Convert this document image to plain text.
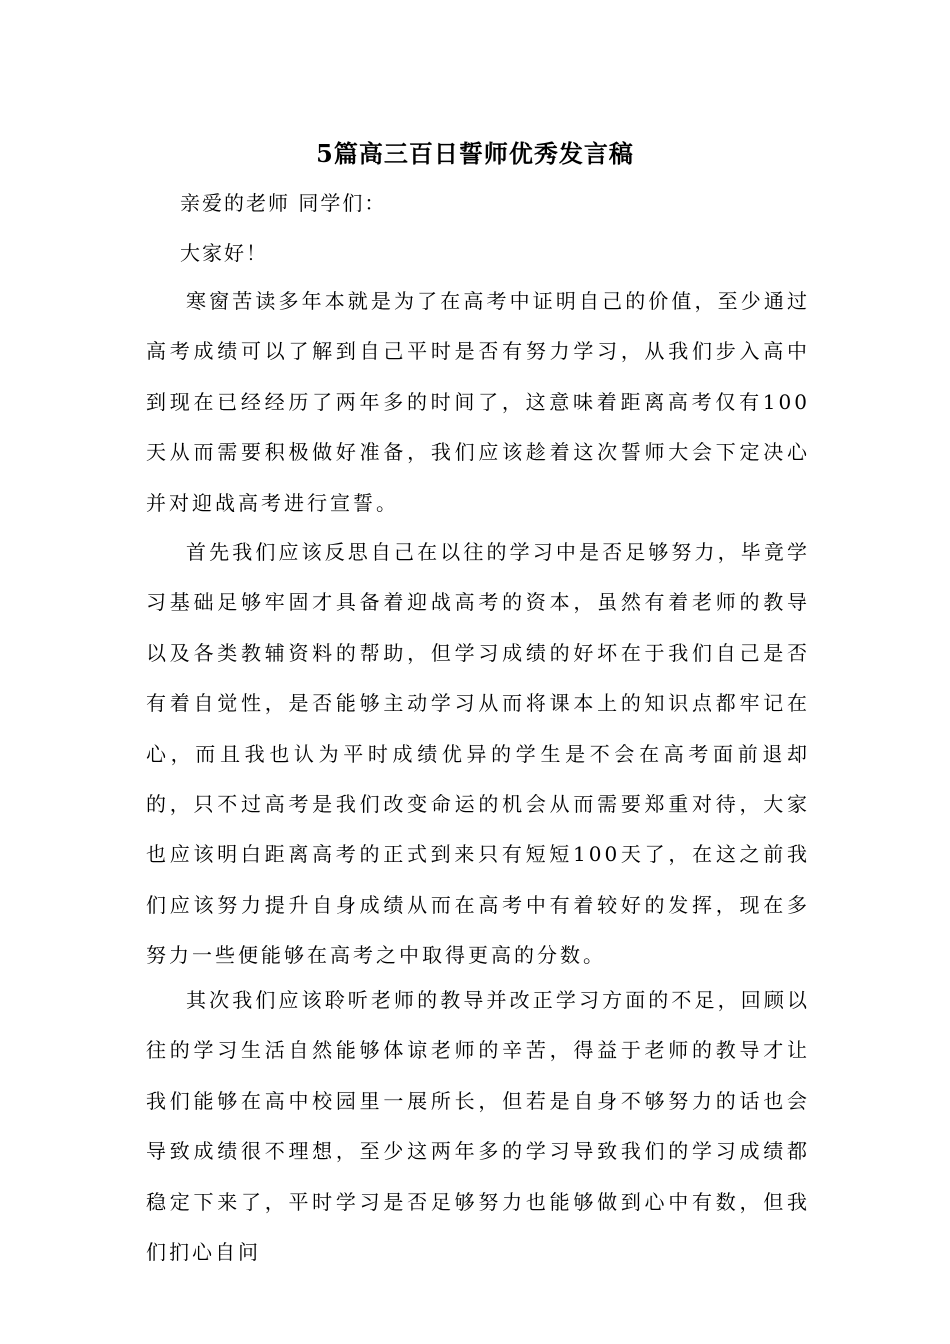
5篇高三百日誓师优秀发言稿
亲爱的老师 同学们：
大家好！

寒窗苦读多年本就是为了在高考中证明自己的价值，至少通过高考成绩可以了解到自己平时是否有努力学习，从我们步入高中到现在已经经历了两年多的时间了，这意味着距离高考仅有100天从而需要积极做好准备，我们应该趁着这次誓师大会下定决心并对迎战高考进行宣誓。

首先我们应该反思自己在以往的学习中是否足够努力，毕竟学习基础足够牢固才具备着迎战高考的资本，虽然有着老师的教导以及各类教辅资料的帮助，但学习成绩的好坏在于我们自己是否有着自觉性，是否能够主动学习从而将课本上的知识点都牢记在心，而且我也认为平时成绩优异的学生是不会在高考面前退却的，只不过高考是我们改变命运的机会从而需要郑重对待，大家也应该明白距离高考的正式到来只有短短100天了，在这之前我们应该努力提升自身成绩从而在高考中有着较好的发挥，现在多努力一些便能够在高考之中取得更高的分数。

其次我们应该聆听老师的教导并改正学习方面的不足，回顾以往的学习生活自然能够体谅老师的辛苦，得益于老师的教导才让我们能够在高中校园里一展所长，但若是自身不够努力的话也会导致成绩很不理想，至少这两年多的学习导致我们的学习成绩都稳定下来了，平时学习是否足够努力也能够做到心中有数，但我们扪心自问
